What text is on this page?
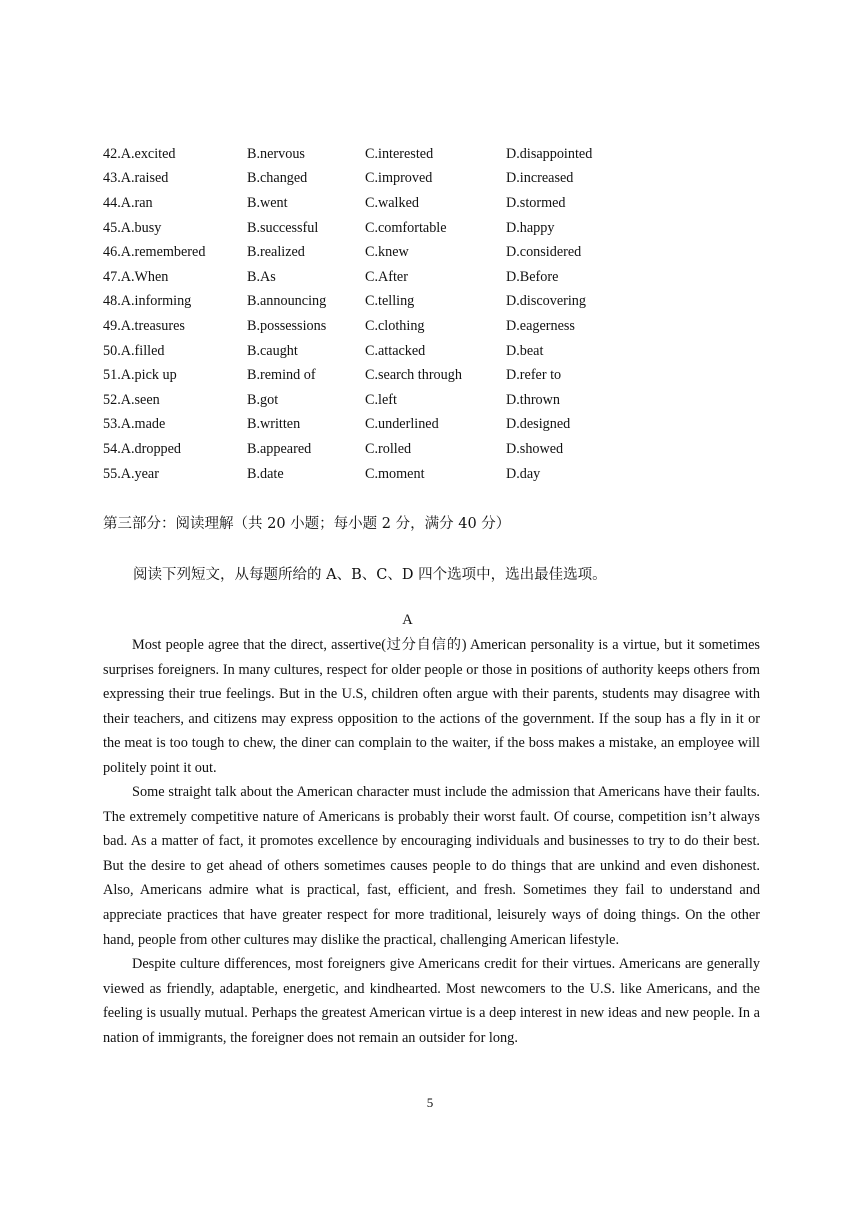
42.A.excited	B.nervous	C.interested	D.disappointed
43.A.raised	B.changed	C.improved	D.increased
44.A.ran	B.went	C.walked	D.stormed
45.A.busy	B.successful	C.comfortable	D.happy
46.A.remembered	B.realized	C.knew	D.considered
47.A.When	B.As	C.After	D.Before
48.A.informing	B.announcing	C.telling	D.discovering
49.A.treasures	B.possessions	C.clothing	D.eagerness
50.A.filled	B.caught	C.attacked	D.beat
51.A.pick up	B.remind of	C.search through	D.refer to
52.A.seen	B.got	C.left	D.thrown
53.A.made	B.written	C.underlined	D.designed
54.A.dropped	B.appeared	C.rolled	D.showed
55.A.year	B.date	C.moment	D.day
第三部分：阅读理解（共 20 小题；每小题 2 分，满分 40 分）
阅读下列短文，从每题所给的 A、B、C、D 四个选项中，选出最佳选项。
A

Most people agree that the direct, assertive(过分自信的) American personality is a virtue, but it sometimes surprises foreigners. In many cultures, respect for older people or those in positions of authority keeps others from expressing their true feelings. But in the U.S, children often argue with their parents, students may disagree with their teachers, and citizens may express opposition to the actions of the government. If the soup has a fly in it or the meat is too tough to chew, the diner can complain to the waiter, if the boss makes a mistake, an employee will politely point it out.

Some straight talk about the American character must include the admission that Americans have their faults. The extremely competitive nature of Americans is probably their worst fault. Of course, competition isn’t always bad. As a matter of fact, it promotes excellence by encouraging individuals and businesses to try to do their best. But the desire to get ahead of others sometimes causes people to do things that are unkind and even dishonest. Also, Americans admire what is practical, fast, efficient, and fresh. Sometimes they fail to understand and appreciate practices that have greater respect for more traditional, leisurely ways of doing things. On the other hand, people from other cultures may dislike the practical, challenging American lifestyle.

Despite culture differences, most foreigners give Americans credit for their virtues. Americans are generally viewed as friendly, adaptable, energetic, and kindhearted. Most newcomers to the U.S. like Americans, and the feeling is usually mutual. Perhaps the greatest American virtue is a deep interest in new ideas and new people. In a nation of immigrants, the foreigner does not remain an outsider for long.

5
